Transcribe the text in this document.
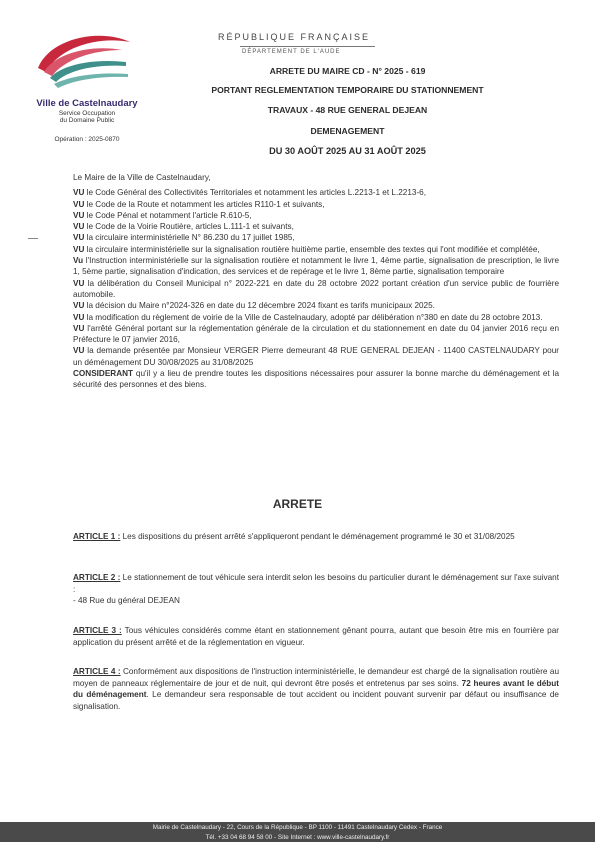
Ville de Castelnaudary
Service Occupation
du Domaine Public
Opération : 2025-0870
RÉPUBLIQUE FRANÇAISE
DÉPARTEMENT DE L'AUDE
ARRETE DU MAIRE CD - N° 2025 - 619
PORTANT REGLEMENTATION TEMPORAIRE DU STATIONNEMENT
TRAVAUX - 48 RUE GENERAL DEJEAN
DEMENAGEMENT
DU 30 AOÛT 2025 AU 31 AOÛT 2025

Le Maire de la Ville de Castelnaudary,

VU le Code Général des Collectivités Territoriales et notamment les articles L.2213-1 et L.2213-6,

VU le Code de la Route et notamment les articles R110-1 et suivants,

VU le Code Pénal et notamment l'article R.610-5,

VU le Code de la Voirie Routière, articles L.111-1 et suivants,

VU la circulaire interministérielle N° 86.230 du 17 juillet 1985,

VU la circulaire interministérielle sur la signalisation routière huitième partie, ensemble des textes qui l'ont modifiée et complétée,

Vu l'Instruction interministérielle sur la signalisation routière et notamment le livre 1, 4ème partie, signalisation de prescription, le livre 1, 5ème partie, signalisation d'indication, des services et de repérage et le livre 1, 8ème partie, signalisation temporaire

VU la délibération du Conseil Municipal n° 2022-221 en date du 28 octobre 2022 portant création d'un service public de fourrière automobile.

VU la décision du Maire n°2024-326 en date du 12 décembre 2024 fixant es tarifs municipaux 2025.

VU la modification du règlement de voirie de la Ville de Castelnaudary, adopté par délibération n°380 en date du 28 octobre 2013.

VU l'arrêté Général portant sur la réglementation générale de la circulation et du stationnement en date du 04 janvier 2016 reçu en Préfecture le 07 janvier 2016,

VU la demande présentée par Monsieur VERGER Pierre demeurant 48 RUE GENERAL DEJEAN - 11400 CASTELNAUDARY pour un déménagement DU 30/08/2025 au 31/08/2025

CONSIDERANT qu'il y a lieu de prendre toutes les dispositions nécessaires pour assurer la bonne marche du déménagement et la sécurité des personnes et des biens.

ARRETE

ARTICLE 1 : Les dispositions du présent arrêté s'appliqueront pendant le déménagement programmé le 30 et 31/08/2025

ARTICLE 2 : Le stationnement de tout véhicule sera interdit selon les besoins du particulier durant le déménagement sur l'axe suivant :
- 48 Rue du général DEJEAN

ARTICLE 3 : Tous véhicules considérés comme étant en stationnement gênant pourra, autant que besoin être mis en fourrière par application du présent arrêté et de la réglementation en vigueur.

ARTICLE 4 : Conformément aux dispositions de l'instruction interministérielle, le demandeur est chargé de la signalisation routière au moyen de panneaux réglementaire de jour et de nuit, qui devront être posés et entretenus par ses soins. 72 heures avant le début du déménagement. Le demandeur sera responsable de tout accident ou incident pouvant survenir par défaut ou insuffisance de signalisation.

Mairie de Castelnaudary - 22, Cours de la République - BP 1100 - 11491 Castelnaudary Cedex - France
Tél. +33 04 68 94 58 00 - Site Internet : www.ville-castelnaudary.fr
